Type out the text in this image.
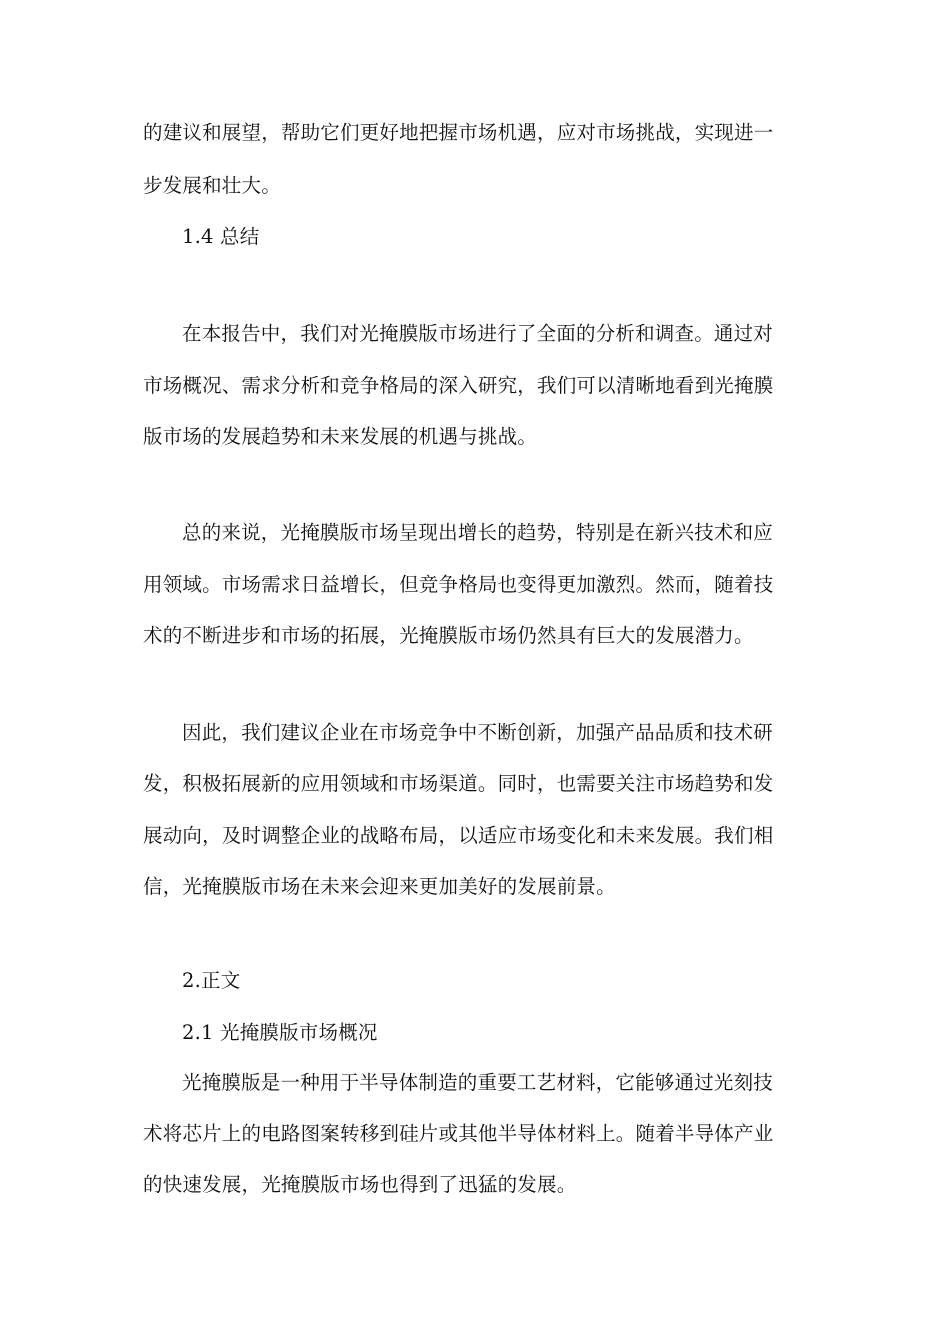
的建议和展望，帮助它们更好地把握市场机遇，应对市场挑战，实现进一

步发展和壮大。

1.4 总结

在本报告中，我们对光掩膜版市场进行了全面的分析和调查。通过对

市场概况、需求分析和竞争格局的深入研究，我们可以清晰地看到光掩膜

版市场的发展趋势和未来发展的机遇与挑战。

总的来说，光掩膜版市场呈现出增长的趋势，特别是在新兴技术和应

用领域。市场需求日益增长，但竞争格局也变得更加激烈。然而，随着技

术的不断进步和市场的拓展，光掩膜版市场仍然具有巨大的发展潜力。

因此，我们建议企业在市场竞争中不断创新，加强产品品质和技术研

发，积极拓展新的应用领域和市场渠道。同时，也需要关注市场趋势和发

展动向，及时调整企业的战略布局，以适应市场变化和未来发展。我们相

信，光掩膜版市场在未来会迎来更加美好的发展前景。

2.正文

2.1 光掩膜版市场概况

光掩膜版是一种用于半导体制造的重要工艺材料，它能够通过光刻技

术将芯片上的电路图案转移到硅片或其他半导体材料上。随着半导体产业

的快速发展，光掩膜版市场也得到了迅猛的发展。
